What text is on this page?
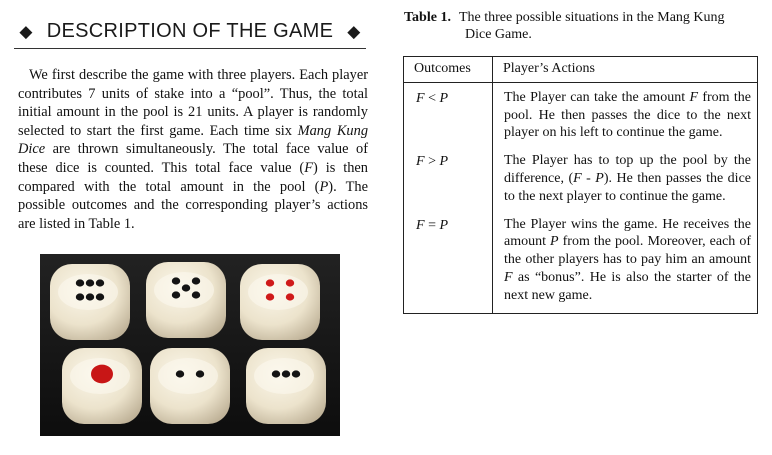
◆ DESCRIPTION OF THE GAME ◆

We first describe the game with three players. Each player contributes 7 units of stake into a “pool”. Thus, the total initial amount in the pool is 21 units. A player is randomly selected to start the first game. Each time six Mang Kung Dice are thrown simultaneously. The total face value of these dice is counted. This total face value (F) is then compared with the total amount in the pool (P). The possible outcomes and the corresponding player’s actions are listed in Table 1.

Table 1. The three possible situations in the Mang Kung
Dice Game.

Outcomes	Player’s Actions
F < P	The Player can take the amount F from the pool. He then passes the dice to the next player on his left to continue the game.
F > P	The Player has to top up the pool by the difference, (F - P). He then passes the dice to the next player to continue the game.
F = P	The Player wins the game. He receives the amount P from the pool. Moreover, each of the other players has to pay him an amount F as “bonus”. He is also the starter of the next new game.
